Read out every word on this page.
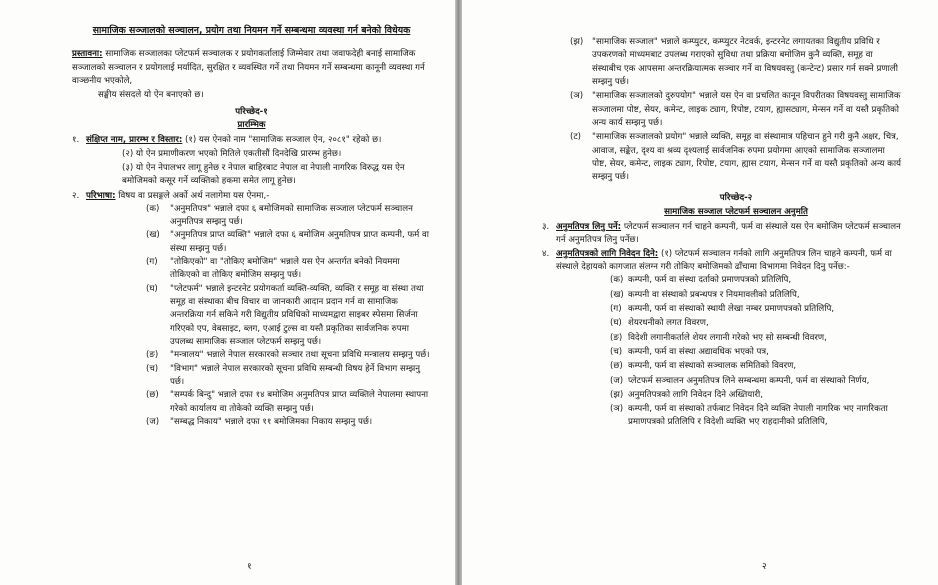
सामाजिक सञ्जालको सञ्चालन, प्रयोग तथा नियमन गर्ने सम्बन्धमा व्यवस्था गर्न बनेको विधेयक

प्रस्तावना: सामाजिक सञ्जालका प्लेटफर्म सञ्चालक र प्रयोगकर्तालाई जिम्मेवार तथा जवाफदेही बनाई सामाजिक सञ्जालको सञ्चालन र प्रयोगलाई मर्यादित, सुरक्षित र व्यवस्थित गर्ने तथा नियमन गर्ने सम्बन्धमा कानूनी व्यवस्था गर्न वाञ्छनीय भएकोले,

सङ्घीय संसदले यो ऐन बनाएको छ।

परिच्छेद-१
प्रारम्भिक
१. संक्षिप्त नाम, प्रारम्भ र विस्तार: (१) यस ऐनको नाम "सामाजिक सञ्जाल ऐन, २०८१" रहेको छ।

(२) यो ऐन प्रमाणीकरण भएको मितिले एकतीसौं दिनदेखि प्रारम्भ हुनेछ।

(३) यो ऐन नेपालभर लागू हुनेछ र नेपाल बाहिरबाट नेपाल वा नेपाली नागरिक विरुद्ध यस ऐन बमोजिमको कसूर गर्ने व्यक्तिको हकमा समेत लागू हुनेछ।

२. परिभाषा: विषय वा प्रसङ्गले अर्को अर्थ नलागेमा यस ऐनमा,-
(क)	"अनुमतिपत्र" भन्नाले दफा ६ बमोजिमको सामाजिक सञ्जाल प्लेटफर्म सञ्चालन अनुमतिपत्र सम्झनु पर्छ।
(ख)	"अनुमतिपत्र प्राप्त व्यक्ति" भन्नाले दफा ६ बमोजिम अनुमतिपत्र प्राप्त कम्पनी, फर्म वा संस्था सम्झनु पर्छ।
(ग)	"तोकिएको" वा "तोकिए बमोजिम" भन्नाले यस ऐन अन्तर्गत बनेको नियममा तोकिएको वा तोकिए बमोजिम सम्झनु पर्छ।
(घ)	"प्लेटफर्म" भन्नाले इन्टरनेट प्रयोगकर्ता व्यक्ति-व्यक्ति, व्यक्ति र समूह वा संस्था तथा समूह वा संस्थाका बीच विचार वा जानकारी आदान प्रदान गर्न वा सामाजिक अन्तरक्रिया गर्न सकिने गरी विद्युतीय प्रविधिको माध्यमद्वारा साइबर स्पेसमा सिर्जना गरिएको एप, वेबसाइट, ब्लग, एआई टुल्स वा यस्तै प्रकृतिका सार्वजनिक रुपमा उपलब्ध सामाजिक सञ्जाल प्लेटफर्म सम्झनु पर्छ।
(ङ)	"मन्त्रालय" भन्नाले नेपाल सरकारको सञ्चार तथा सूचना प्रविधि मन्त्रालय सम्झनु पर्छ।
(च)	"विभाग" भन्नाले नेपाल सरकारको सूचना प्रविधि सम्बन्धी विषय हेर्ने विभाग सम्झनु पर्छ।
(छ)	"सम्पर्क बिन्दु" भन्नाले दफा १४ बमोजिम अनुमतिपत्र प्राप्त व्यक्तिले नेपालमा स्थापना गरेको कार्यालय वा तोकेको व्यक्ति सम्झनु पर्छ।
(ज)	"सम्बद्ध निकाय" भन्नाले दफा ११ बमोजिमका निकाय सम्झनु पर्छ।
१
(झ)	"सामाजिक सञ्जाल" भन्नाले कम्प्युटर, कम्प्युटर नेटवर्क, इन्टरनेट लगायतका विद्युतीय प्रविधि र उपकरणको माध्यमबाट उपलब्ध गराएको सुविधा तथा प्रक्रिया बमोजिम कुनै व्यक्ति, समूह वा संस्थाबीच एक आपसमा अन्तरक्रियात्मक सञ्चार गर्ने वा विषयवस्तु (कन्टेन्ट) प्रसार गर्न सक्ने प्रणाली सम्झनु पर्छ।
(ञ)	"सामाजिक सञ्जालको दुरुपयोग" भन्नाले यस ऐन वा प्रचलित कानून विपरीतका विषयवस्तु सामाजिक सञ्जालमा पोष्ट, सेयर, कमेन्ट, लाइक ट्याग, रिपोष्ट, टयाग, ह्यासट्याग, मेन्सन गर्ने वा यस्तै प्रकृतिको अन्य कार्य सम्झनु पर्छ।
(ट)	"सामाजिक सञ्जालको प्रयोग" भन्नाले व्यक्ति, समूह वा संस्थामात्र पहिचान हुने गरी कुनै अक्षर, चित्र, आवाज, सङ्केत, दृश्य वा श्रव्य दृश्यलाई सार्वजनिक रुपमा प्रयोगमा आएको सामाजिक सञ्जालमा पोष्ट, सेयर, कमेन्ट, लाइक ट्याग, रिपोष्ट, टयाग, ह्यास टयाग, मेन्सन गर्ने वा यस्तै प्रकृतिको अन्य कार्य सम्झनु पर्छ।
परिच्छेद-२
सामाजिक सञ्जाल प्लेटफर्म सञ्चालन अनुमति
३. अनुमतिपत्र लिनु पर्ने: प्लेटफर्म सञ्चालन गर्न चाहने कम्पनी, फर्म वा संस्थाले यस ऐन बमोजिम प्लेटफर्म सञ्चालन गर्न अनुमतिपत्र लिनु पर्नेछ।
४. अनुमतिपत्रको लागि निवेदन दिने: (१) प्लेटफर्म सञ्चालन गर्नको लागि अनुमतिपत्र लिन चाहने कम्पनी, फर्म वा संस्थाले देहायको कागजात संलग्न गरी तोकिए बमोजिमको ढाँचामा विभागमा निवेदन दिनु पर्नेछ:-
(क) कम्पनी, फर्म वा संस्था दर्ताको प्रमाणपत्रको प्रतिलिपि,
(ख) कम्पनी वा संस्थाको प्रबन्धपत्र र नियमावलीको प्रतिलिपि,
(ग) कम्पनी, फर्म वा संस्थाको स्थायी लेखा नम्बर प्रमाणपत्रको प्रतिलिपि,
(घ) शेयरधनीको लगत विवरण,
(ङ) विदेशी लगानीकर्ताले शेयर लगानी गरेको भए सो सम्बन्धी विवरण,
(च) कम्पनी, फर्म वा संस्था अद्यावधिक भएको पत्र,
(छ) कम्पनी, फर्म वा संस्थाको सञ्चालक समितिको विवरण,
(ज) प्लेटफर्म सञ्चालन अनुमतिपत्र लिने सम्बन्धमा कम्पनी, फर्म वा संस्थाको निर्णय,
(झ) अनुमतिपत्रको लागि निवेदन दिने अख्तियारी,
(ञ) कम्पनी, फर्म वा संस्थाको तर्फबाट निवेदन दिने व्यक्ति नेपाली नागरिक भए नागरिकता प्रमाणपत्रको प्रतिलिपि र विदेशी व्यक्ति भए राहदानीको प्रतिलिपि,
२
